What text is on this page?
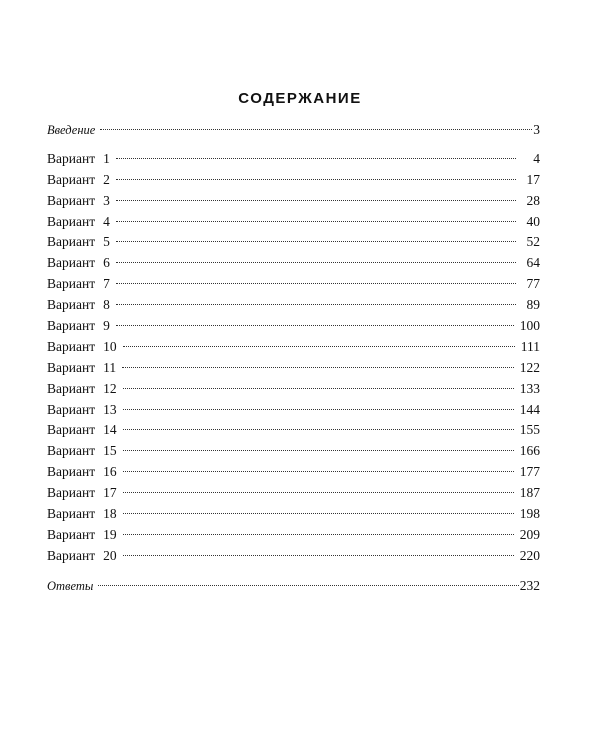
СОДЕРЖАНИЕ
Введение	3
Вариант 1	4
Вариант 2	17
Вариант 3	28
Вариант 4	40
Вариант 5	52
Вариант 6	64
Вариант 7	77
Вариант 8	89
Вариант 9	100
Вариант 10	111
Вариант 11	122
Вариант 12	133
Вариант 13	144
Вариант 14	155
Вариант 15	166
Вариант 16	177
Вариант 17	187
Вариант 18	198
Вариант 19	209
Вариант 20	220
Ответы	232
